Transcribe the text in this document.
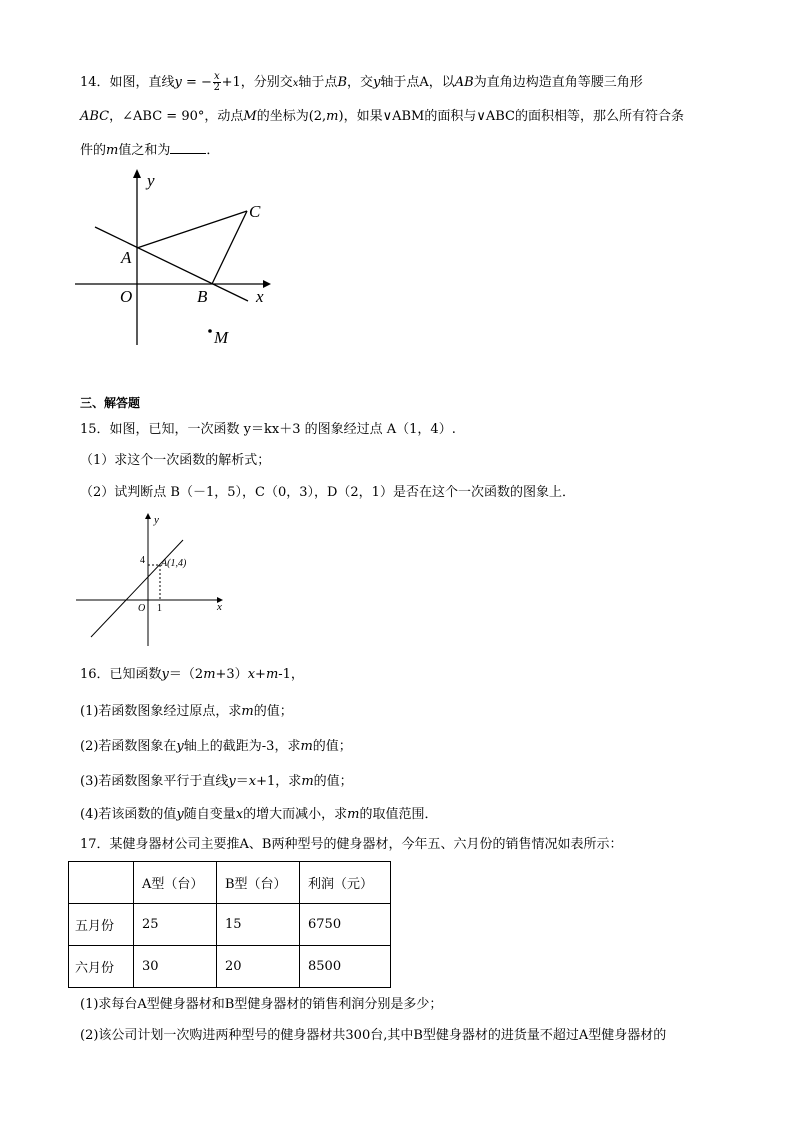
14．如图，直线y = − $\frac{x}{2} +1$，分别交x轴于点B，交y轴于点A，以AB为直角边构造直角等腰三角形
ABC，∠ABC = 90°，动点M的坐标为(2,m)，如果∨ABM的面积与∨ABC的面积相等，那么所有符合条
件的m值之和为	．
y
x
C
A
O	B
M
三、解答题
15．如图，已知，一次函数 y＝kx＋3 的图象经过点 A（1，4）.
（1）求这个一次函数的解析式；
（2）试判断点 B（－1，5），C（0，3），D（2，1）是否在这个一次函数的图象上．
y
x
4 A(1,4)
O 1
16．已知函数y＝（2m+3）x+m-1，
(1)若函数图象经过原点，求m的值；
(2)若函数图象在y轴上的截距为-3，求m的值；
(3)若函数图象平行于直线y＝x+1，求m的值；
(4)若该函数的值y随自变量x的增大而减小，求m的取值范围．
17．某健身器材公司主要推A、B两种型号的健身器材，今年五、六月份的销售情况如表所示：
	A型（台）	B型（台）	利润（元）
五月份	25	15	6750
六月份	30	20	8500
(1)求每台A型健身器材和B型健身器材的销售利润分别是多少；
(2)该公司计划一次购进两种型号的健身器材共300台,其中B型健身器材的进货量不超过A型健身器材的
